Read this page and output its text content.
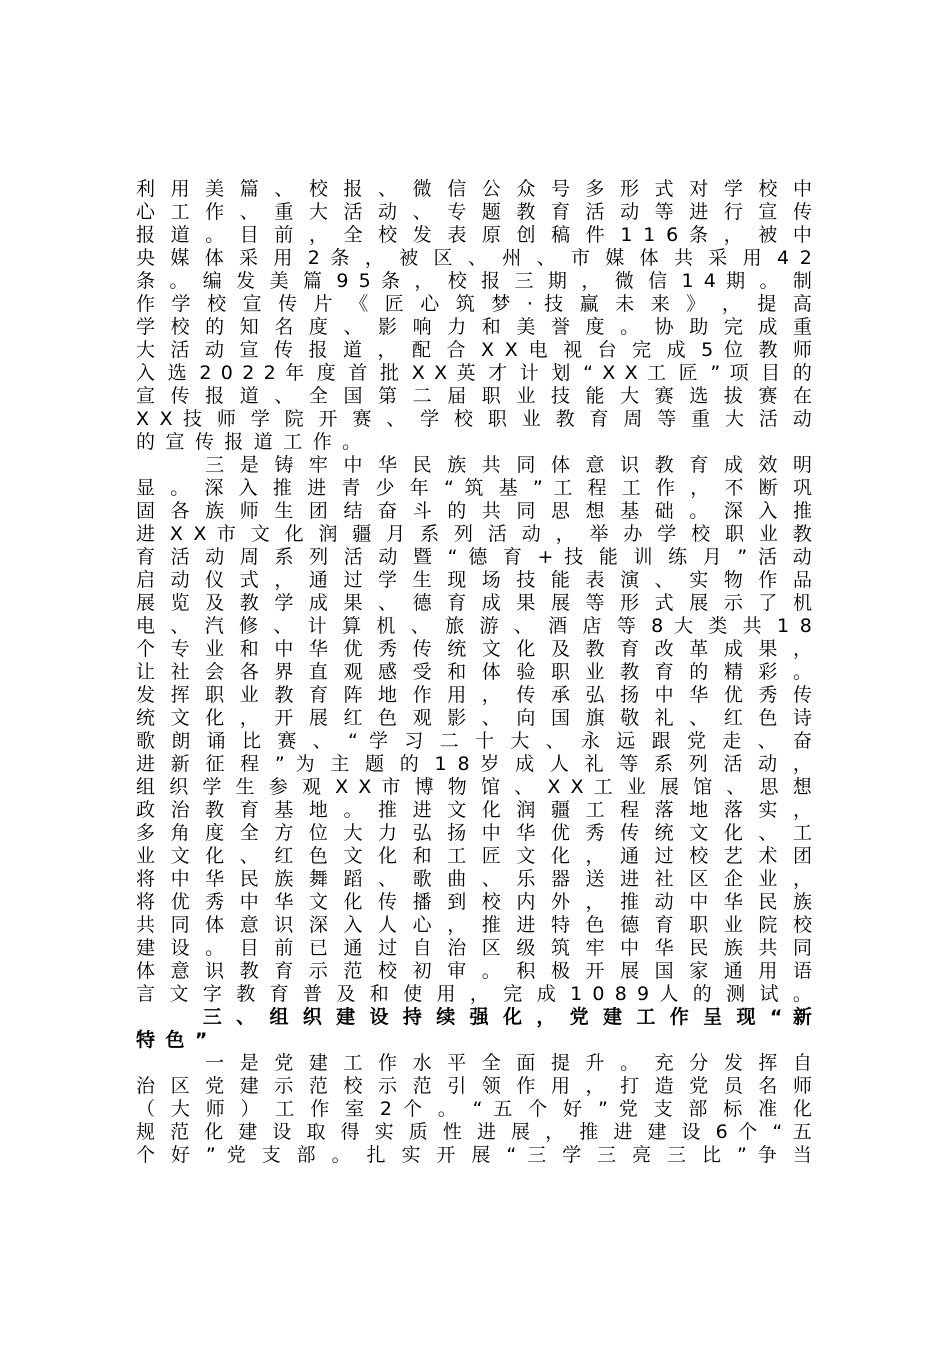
利 用 美 篇 、 校 报 、 微 信 公 众 号 多 形 式 对 学 校 中
心 工 作 、 重 大 活 动 、 专 题 教 育 活 动 等 进 行 宣 传
报 道 。 目 前 ， 全 校 发 表 原 创 稿 件 1 1 6 条 ， 被 中
央 媒 体 采 用 2 条 ， 被 区 、 州 、 市 媒 体 共 采 用 4 2
条 。 编 发 美 篇 9 5 条 ， 校 报 三 期 ， 微 信 1 4 期 。 制
作 学 校 宣 传 片 《 匠 心 筑 梦 · 技 赢 未 来 》 ， 提 高
学 校 的 知 名 度 、 影 响 力 和 美 誉 度 。 协 助 完 成 重
大 活 动 宣 传 报 道 ， 配 合 X X 电 视 台 完 成 5 位 教 师
入 选 2 0 2 2 年 度 首 批 X X 英 才 计 划 “ X X 工 匠 ” 项 目 的
宣 传 报 道 、 全 国 第 二 届 职 业 技 能 大 赛 选 拔 赛 在
X X 技 师 学 院 开 赛 、 学 校 职 业 教 育 周 等 重 大 活 动
的宣传报道工作。
　 　 三 是 铸 牢 中 华 民 族 共 同 体 意 识 教 育 成 效 明
显 。 深 入 推 进 青 少 年 “ 筑 基 ” 工 程 工 作 ， 不 断 巩
固 各 族 师 生 团 结 奋 斗 的 共 同 思 想 基 础 。 深 入 推
进 X X 市 文 化 润 疆 月 系 列 活 动 ， 举 办 学 校 职 业 教
育 活 动 周 系 列 活 动 暨 “ 德 育 + 技 能 训 练 月 ” 活 动
启 动 仪 式 ， 通 过 学 生 现 场 技 能 表 演 、 实 物 作 品
展 览 及 教 学 成 果 、 德 育 成 果 展 等 形 式 展 示 了 机
电 、 汽 修 、 计 算 机 、 旅 游 、 酒 店 等 8 大 类 共 1 8
个 专 业 和 中 华 优 秀 传 统 文 化 及 教 育 改 革 成 果 ，
让 社 会 各 界 直 观 感 受 和 体 验 职 业 教 育 的 精 彩 。
发 挥 职 业 教 育 阵 地 作 用 ， 传 承 弘 扬 中 华 优 秀 传
统 文 化 ， 开 展 红 色 观 影 、 向 国 旗 敬 礼 、 红 色 诗
歌 朗 诵 比 赛 、 “ 学 习 二 十 大 、 永 远 跟 党 走 、 奋
进 新 征 程 ” 为 主 题 的 1 8 岁 成 人 礼 等 系 列 活 动 ，
组 织 学 生 参 观 X X 市 博 物 馆 、 X X 工 业 展 馆 、 思 想
政 治 教 育 基 地 。 推 进 文 化 润 疆 工 程 落 地 落 实 ，
多 角 度 全 方 位 大 力 弘 扬 中 华 优 秀 传 统 文 化 、 工
业 文 化 、 红 色 文 化 和 工 匠 文 化 ， 通 过 校 艺 术 团
将 中 华 民 族 舞 蹈 、 歌 曲 、 乐 器 送 进 社 区 企 业 ，
将 优 秀 中 华 文 化 传 播 到 校 内 外 ， 推 动 中 华 民 族
共 同 体 意 识 深 入 人 心 ， 推 进 特 色 德 育 职 业 院 校
建 设 。 目 前 已 通 过 自 治 区 级 筑 牢 中 华 民 族 共 同
体 意 识 教 育 示 范 校 初 审 。 积 极 开 展 国 家 通 用 语
言 文 字 教 育 普 及 和 使 用 ， 完 成 1 0 8 9 人 的 测 试 。
　 　 三 、 组 织 建 设 持 续 强 化 ， 党 建 工 作 呈 现 “ 新
特色”
　 　 一 是 党 建 工 作 水 平 全 面 提 升 。 充 分 发 挥 自
治 区 党 建 示 范 校 示 范 引 领 作 用 ， 打 造 党 员 名 师
（ 大 师 ） 工 作 室 2 个 。 “ 五 个 好 ” 党 支 部 标 准 化
规 范 化 建 设 取 得 实 质 性 进 展 ， 推 进 建 设 6 个 “ 五
个 好 ” 党 支 部 。 扎 实 开 展 “ 三 学 三 亮 三 比 ” 争 当
